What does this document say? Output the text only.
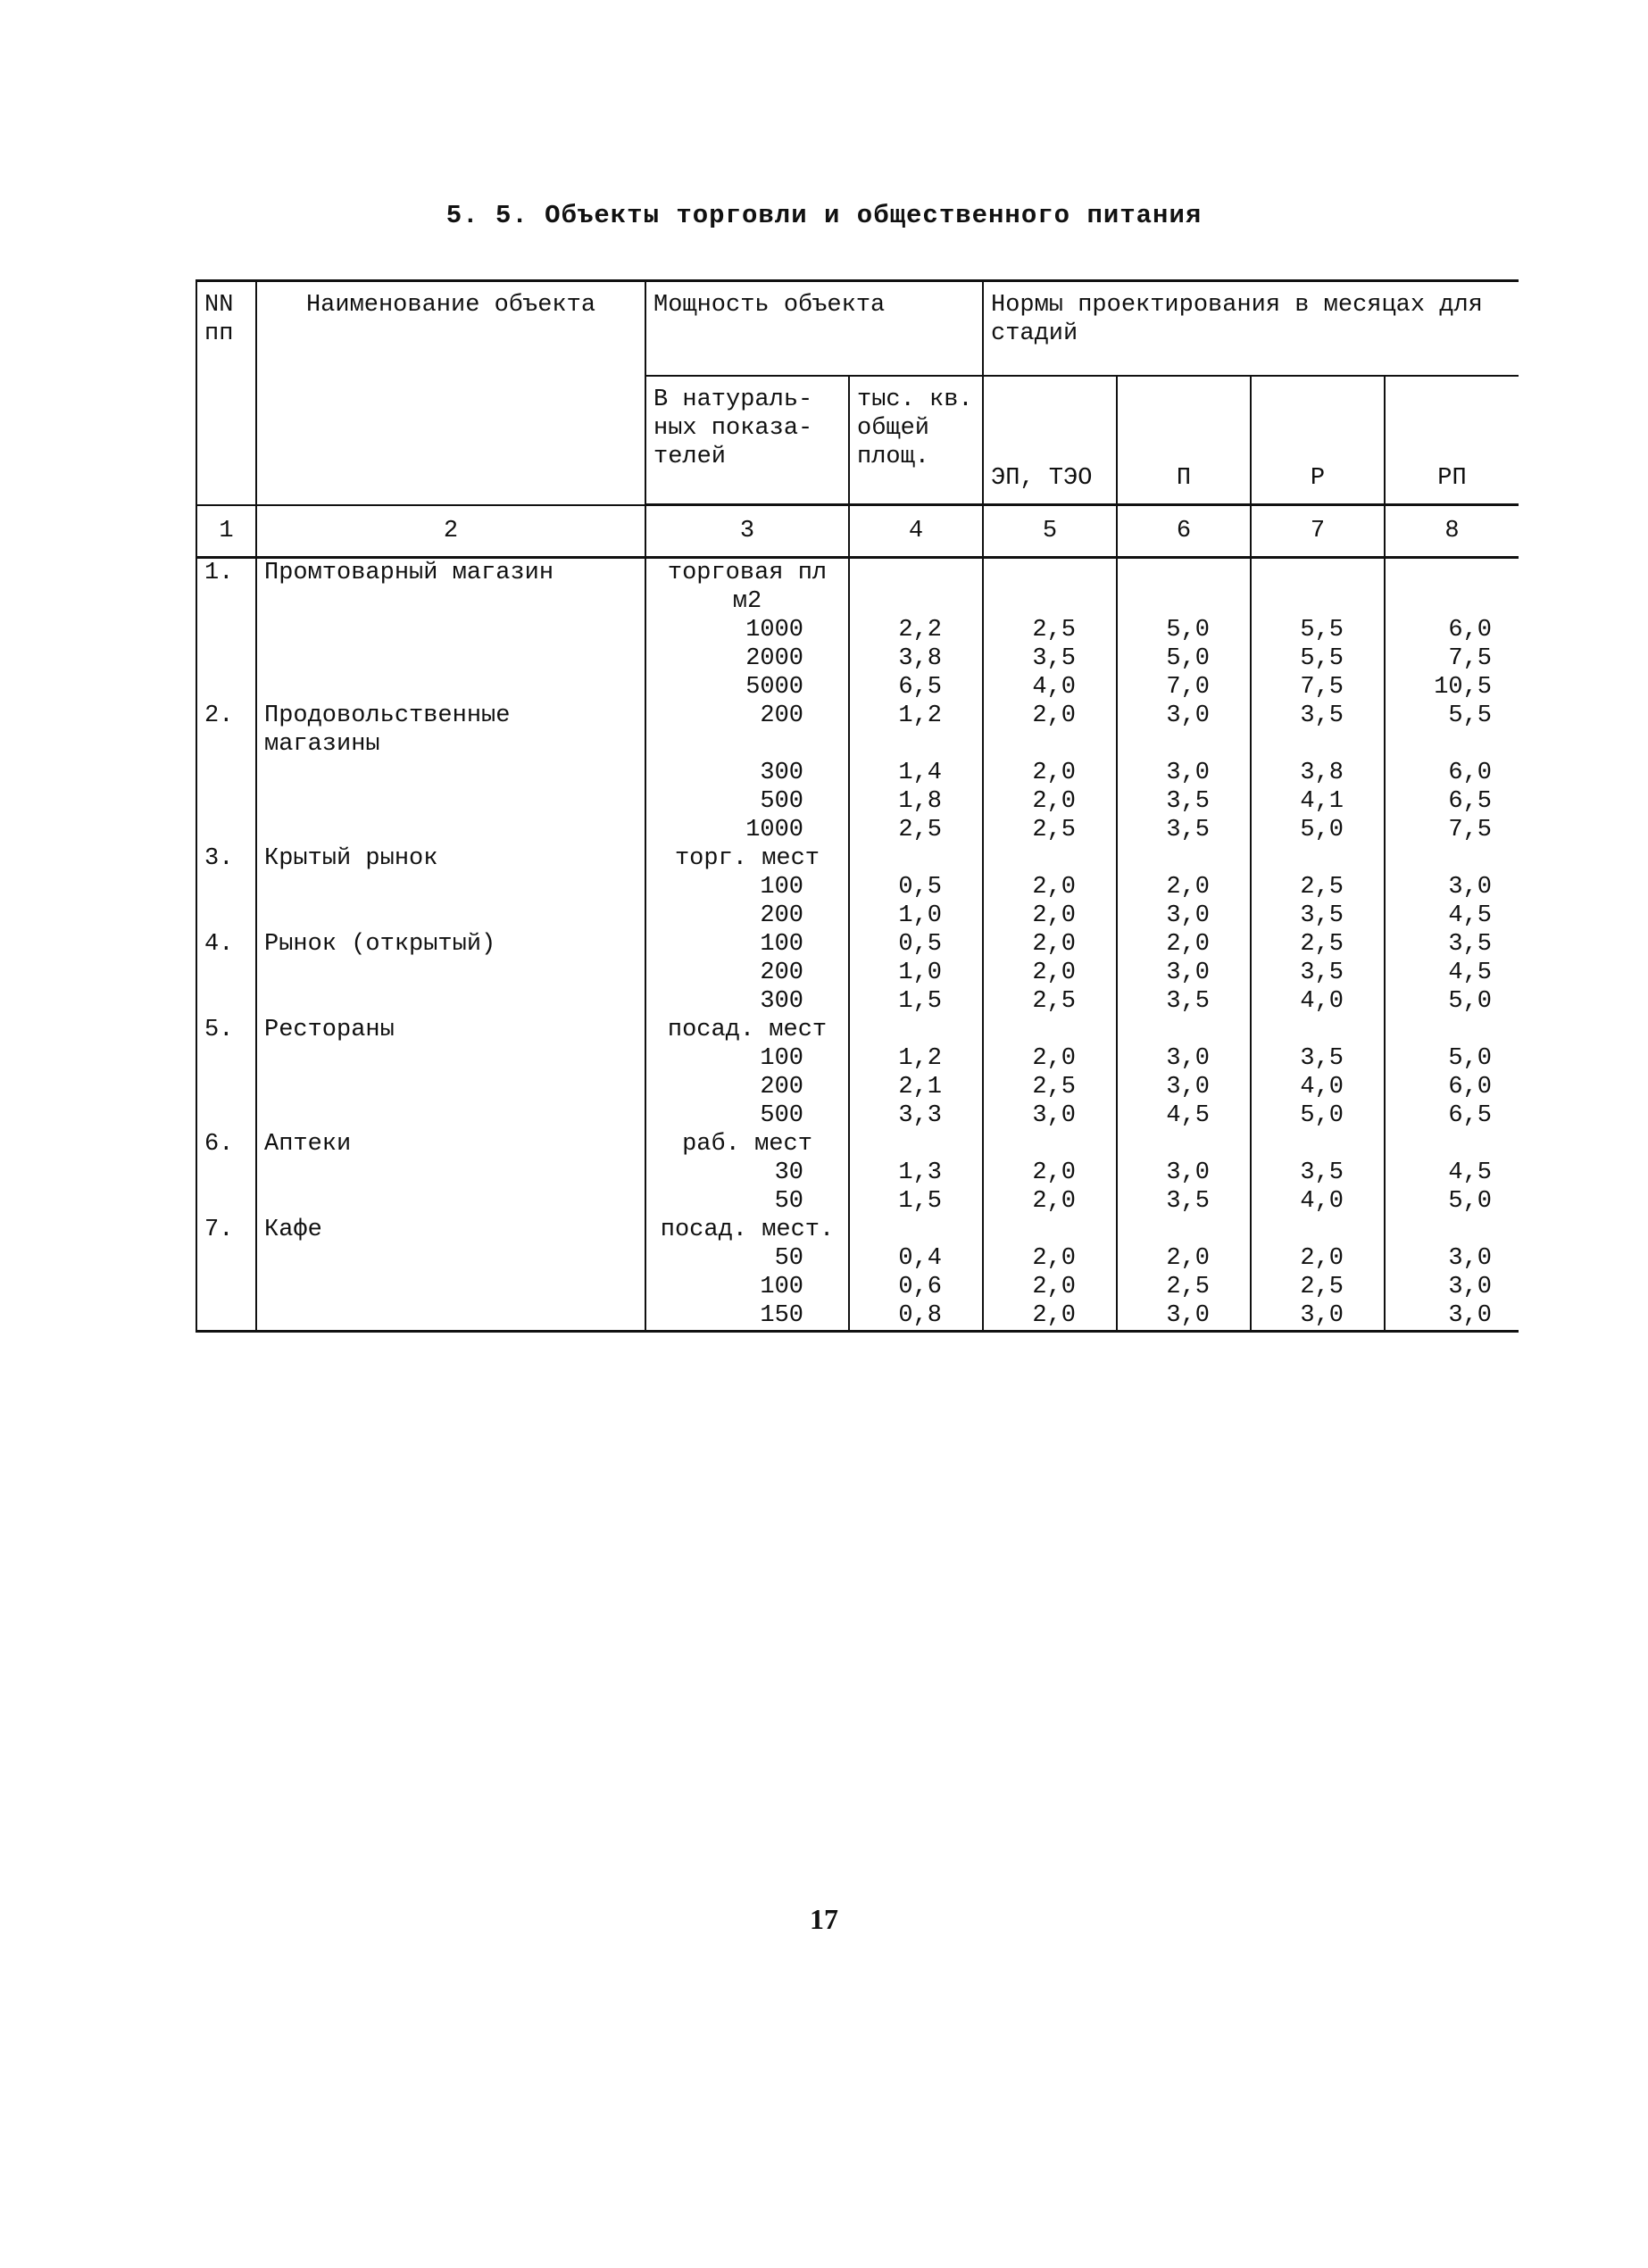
5. 5. Объекты торговли и общественного питания
NN пп	Наименование объекта	Мощность объекта		Нормы проектирования в месяцах для стадий			
		В натураль-ных показа-телей	тыс. кв. общей площ.	ЭП, ТЭО	П	Р	РП
1	2	3	4	5	6	7	8
1.	Промтоварный магазин	торговая пл м2					
		1000	2,2	2,5	5,0	5,5	6,0
		2000	3,8	3,5	5,0	5,5	7,5
		5000	6,5	4,0	7,0	7,5	10,5
2.	Продовольственные магазины	200	1,2	2,0	3,0	3,5	5,5
		300	1,4	2,0	3,0	3,8	6,0
		500	1,8	2,0	3,5	4,1	6,5
		1000	2,5	2,5	3,5	5,0	7,5
3.	Крытый рынок	торг. мест					
		100	0,5	2,0	2,0	2,5	3,0
		200	1,0	2,0	3,0	3,5	4,5
4.	Рынок (открытый)	100	0,5	2,0	2,0	2,5	3,5
		200	1,0	2,0	3,0	3,5	4,5
		300	1,5	2,5	3,5	4,0	5,0
5.	Рестораны	посад. мест					
		100	1,2	2,0	3,0	3,5	5,0
		200	2,1	2,5	3,0	4,0	6,0
		500	3,3	3,0	4,5	5,0	6,5
6.	Аптеки	раб. мест					
		30	1,3	2,0	3,0	3,5	4,5
		50	1,5	2,0	3,5	4,0	5,0
7.	Кафе	посад. мест.					
		50	0,4	2,0	2,0	2,0	3,0
		100	0,6	2,0	2,5	2,5	3,0
		150	0,8	2,0	3,0	3,0	3,0
17
